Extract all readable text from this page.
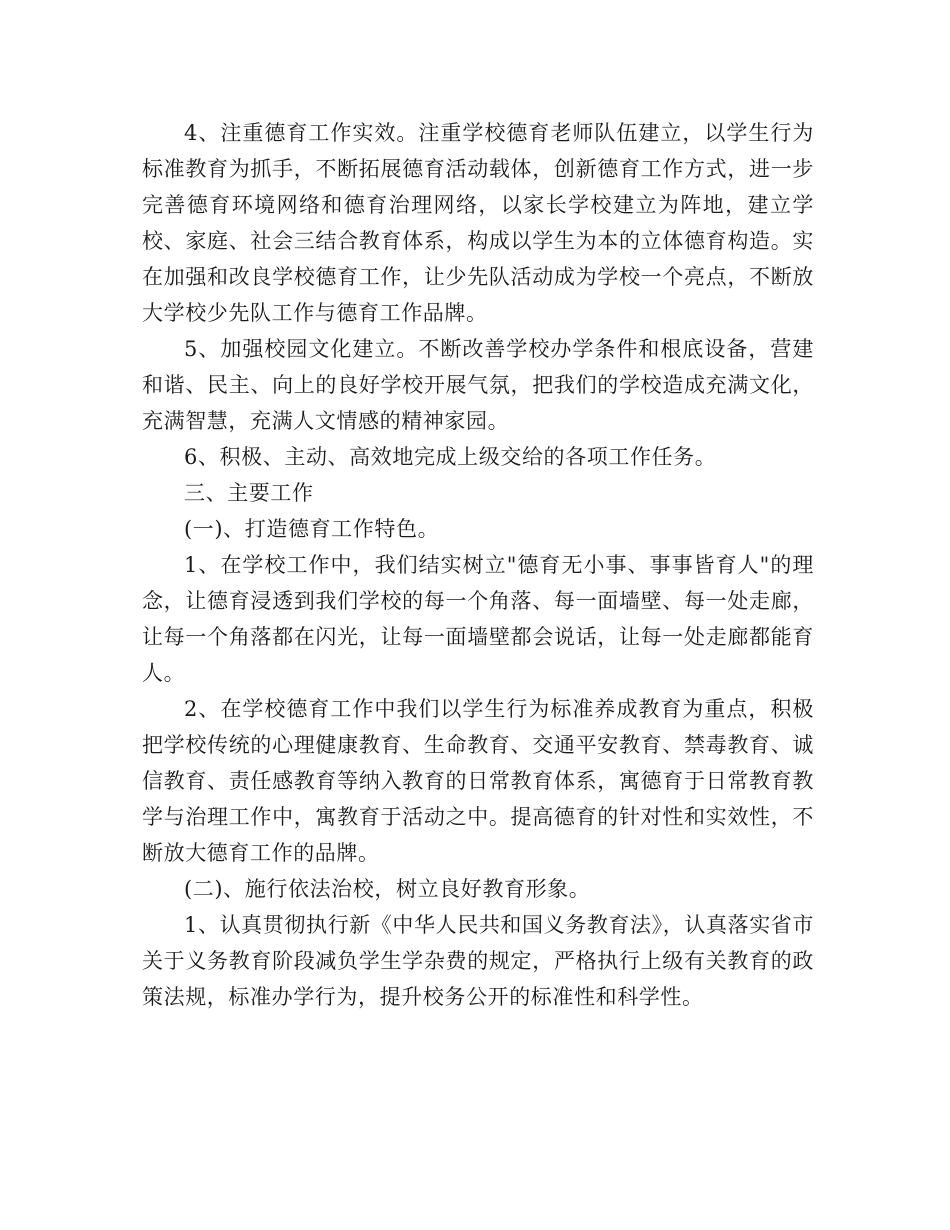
4、注重德育工作实效。注重学校德育老师队伍建立，以学生行为标准教育为抓手，不断拓展德育活动载体，创新德育工作方式，进一步完善德育环境网络和德育治理网络，以家长学校建立为阵地，建立学校、家庭、社会三结合教育体系，构成以学生为本的立体德育构造。实在加强和改良学校德育工作，让少先队活动成为学校一个亮点，不断放大学校少先队工作与德育工作品牌。

5、加强校园文化建立。不断改善学校办学条件和根底设备，营建和谐、民主、向上的良好学校开展气氛，把我们的学校造成充满文化，充满智慧，充满人文情感的精神家园。

6、积极、主动、高效地完成上级交给的各项工作任务。

三、主要工作

(一)、打造德育工作特色。

1、在学校工作中，我们结实树立"德育无小事、事事皆育人"的理念，让德育浸透到我们学校的每一个角落、每一面墙壁、每一处走廊，让每一个角落都在闪光，让每一面墙壁都会说话，让每一处走廊都能育人。

2、在学校德育工作中我们以学生行为标准养成教育为重点，积极把学校传统的心理健康教育、生命教育、交通平安教育、禁毒教育、诚信教育、责任感教育等纳入教育的日常教育体系，寓德育于日常教育教学与治理工作中，寓教育于活动之中。提高德育的针对性和实效性，不断放大德育工作的品牌。

(二)、施行依法治校，树立良好教育形象。

1、认真贯彻执行新《中华人民共和国义务教育法》，认真落实省市关于义务教育阶段减负学生学杂费的规定，严格执行上级有关教育的政策法规，标准办学行为，提升校务公开的标准性和科学性。
